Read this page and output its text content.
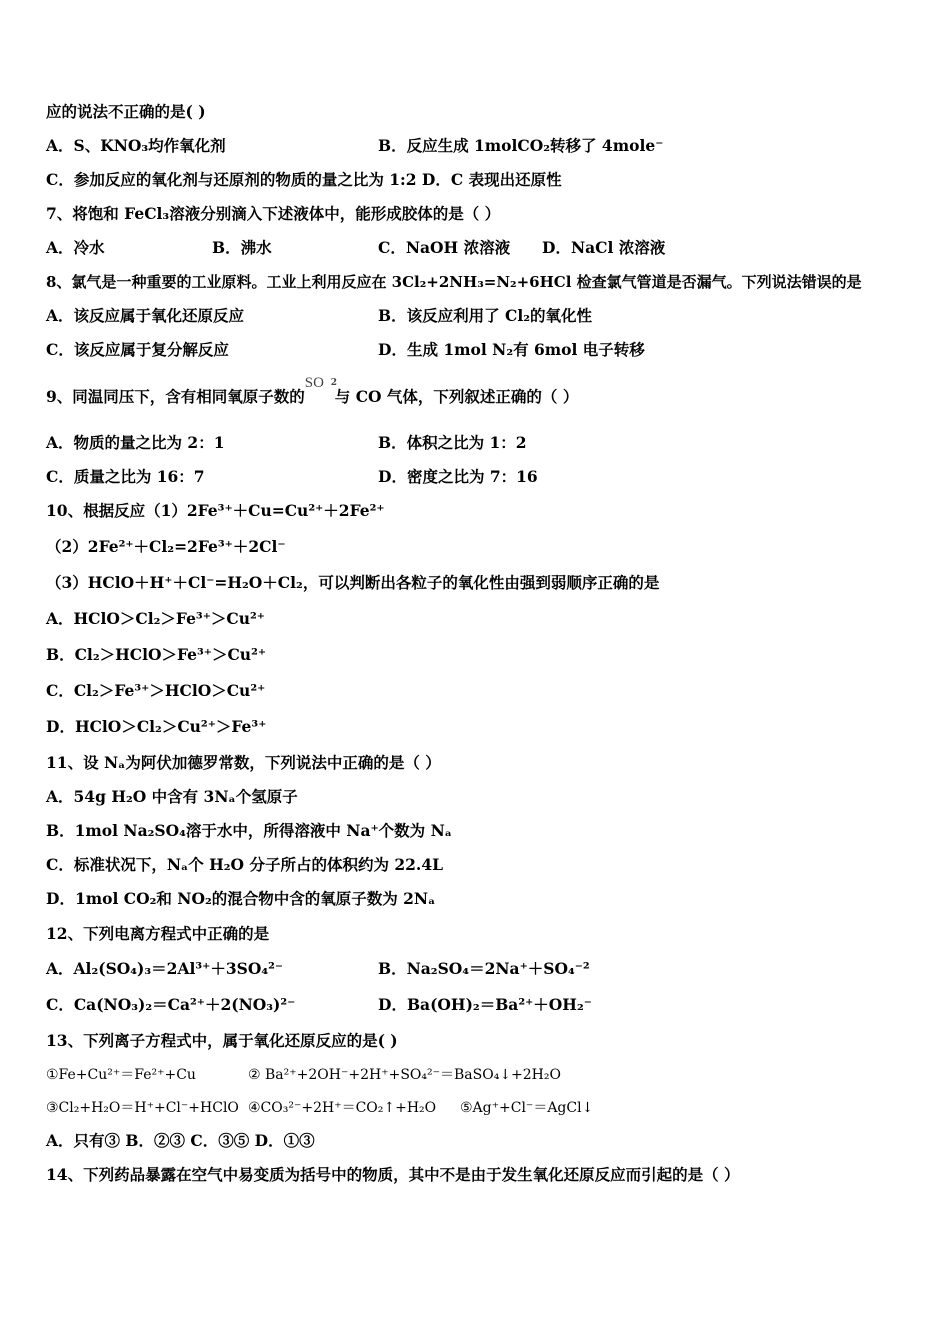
应的说法不正确的是( )
A．S、KNO₃均作氧化剂	B．反应生成 1molCO₂转移了 4mole⁻
C．参加反应的氧化剂与还原剂的物质的量之比为 1:2 D．C 表现出还原性
7、将饱和 FeCl₃溶液分别滴入下述液体中，能形成胶体的是（ ）
A．冷水	B．沸水	C．NaOH 浓溶液 D．NaCl 浓溶液
8、氯气是一种重要的工业原料。工业上利用反应在 3Cl₂+2NH₃=N₂+6HCl 检查氯气管道是否漏气。下列说法错误的是
A．该反应属于氧化还原反应	B．该反应利用了 Cl₂的氧化性
C．该反应属于复分解反应	D．生成 1mol N₂有 6mol 电子转移
9、同温同压下，含有相同氧原子数的
SO 2
与 CO 气体，下列叙述正确的（ ）
A．物质的量之比为 2：1	B．体积之比为 1：2
C．质量之比为 16：7	D．密度之比为 7：16
10、根据反应（1）2Fe³⁺＋Cu=Cu²⁺＋2Fe²⁺
（2）2Fe²⁺＋Cl₂=2Fe³⁺＋2Cl⁻
（3）HClO＋H⁺＋Cl⁻=H₂O＋Cl₂，可以判断出各粒子的氧化性由强到弱顺序正确的是
A．HClO＞Cl₂＞Fe³⁺＞Cu²⁺
B．Cl₂＞HClO＞Fe³⁺＞Cu²⁺
C．Cl₂＞Fe³⁺＞HClO＞Cu²⁺
D．HClO＞Cl₂＞Cu²⁺＞Fe³⁺
11、设 Nₐ为阿伏加德罗常数，下列说法中正确的是（ ）
A．54g H₂O 中含有 3Nₐ个氢原子
B．1mol Na₂SO₄溶于水中，所得溶液中 Na⁺个数为 Nₐ
C．标准状况下，Nₐ个 H₂O 分子所占的体积约为 22.4L
D．1mol CO₂和 NO₂的混合物中含的氧原子数为 2Nₐ
12、下列电离方程式中正确的是
A．Al₂(SO₄)₃＝2Al³⁺＋3SO₄²⁻	B．Na₂SO₄＝2Na⁺＋SO₄⁻²
C．Ca(NO₃)₂＝Ca²⁺＋2(NO₃)²⁻	D．Ba(OH)₂＝Ba²⁺＋OH₂⁻
13、下列离子方程式中，属于氧化还原反应的是( )
①Fe+Cu²⁺＝Fe²⁺+Cu	② Ba²⁺+2OH⁻+2H⁺+SO₄²⁻＝BaSO₄↓+2H₂O
③Cl₂+H₂O＝H⁺+Cl⁻+HClO ④CO₃²⁻+2H⁺＝CO₂↑+H₂O ⑤Ag⁺+Cl⁻＝AgCl↓
A．只有③ B．②③ C．③⑤ D．①③
14、下列药品暴露在空气中易变质为括号中的物质，其中不是由于发生氧化还原反应而引起的是（ ）
